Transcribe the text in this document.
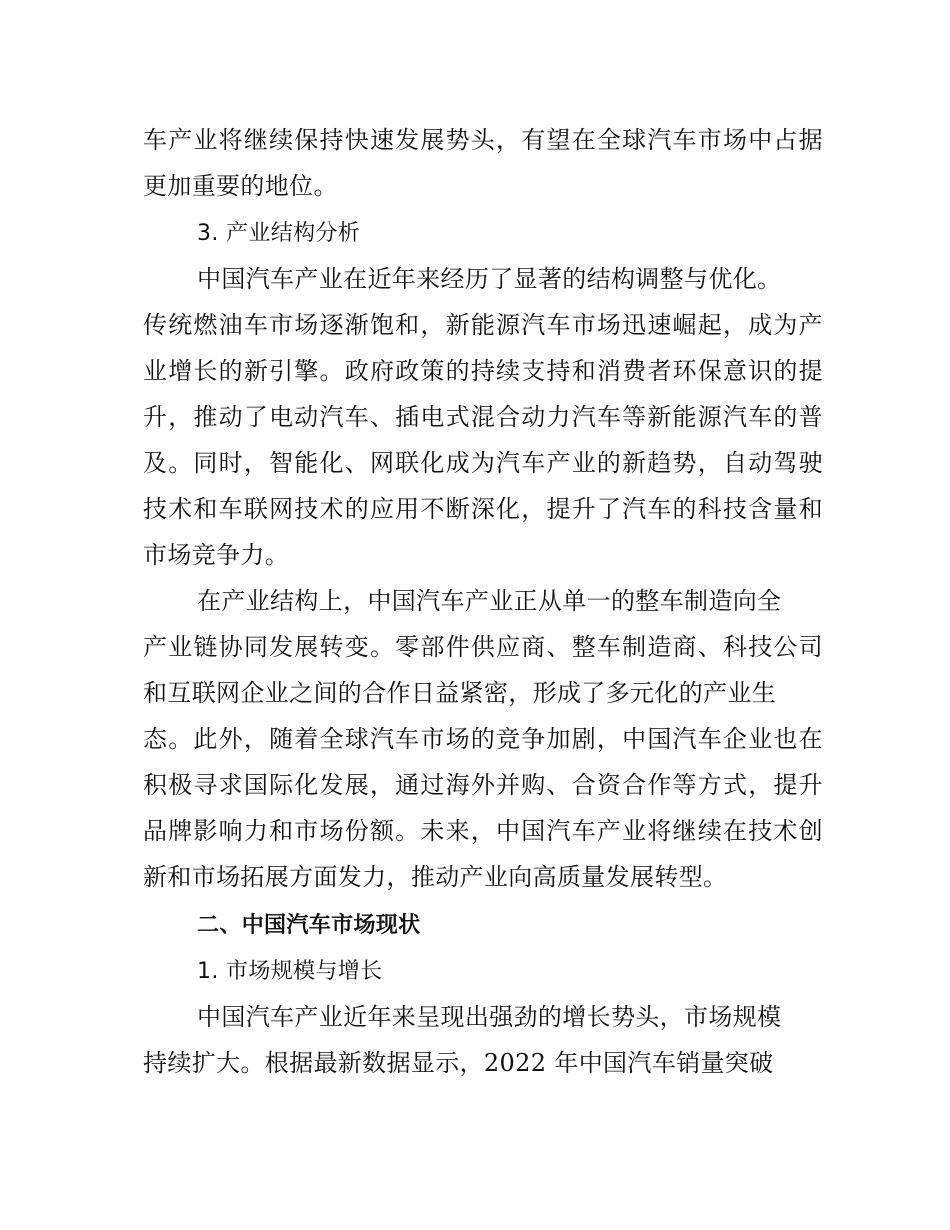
车产业将继续保持快速发展势头，有望在全球汽车市场中占据
更加重要的地位。
3. 产业结构分析
中国汽车产业在近年来经历了显著的结构调整与优化。
传统燃油车市场逐渐饱和，新能源汽车市场迅速崛起，成为产
业增长的新引擎。政府政策的持续支持和消费者环保意识的提
升，推动了电动汽车、插电式混合动力汽车等新能源汽车的普
及。同时，智能化、网联化成为汽车产业的新趋势，自动驾驶
技术和车联网技术的应用不断深化，提升了汽车的科技含量和
市场竞争力。
在产业结构上，中国汽车产业正从单一的整车制造向全
产业链协同发展转变。零部件供应商、整车制造商、科技公司
和互联网企业之间的合作日益紧密，形成了多元化的产业生
态。此外，随着全球汽车市场的竞争加剧，中国汽车企业也在
积极寻求国际化发展，通过海外并购、合资合作等方式，提升
品牌影响力和市场份额。未来，中国汽车产业将继续在技术创
新和市场拓展方面发力，推动产业向高质量发展转型。
二、中国汽车市场现状
1. 市场规模与增长
中国汽车产业近年来呈现出强劲的增长势头，市场规模
持续扩大。根据最新数据显示，2022 年中国汽车销量突破
